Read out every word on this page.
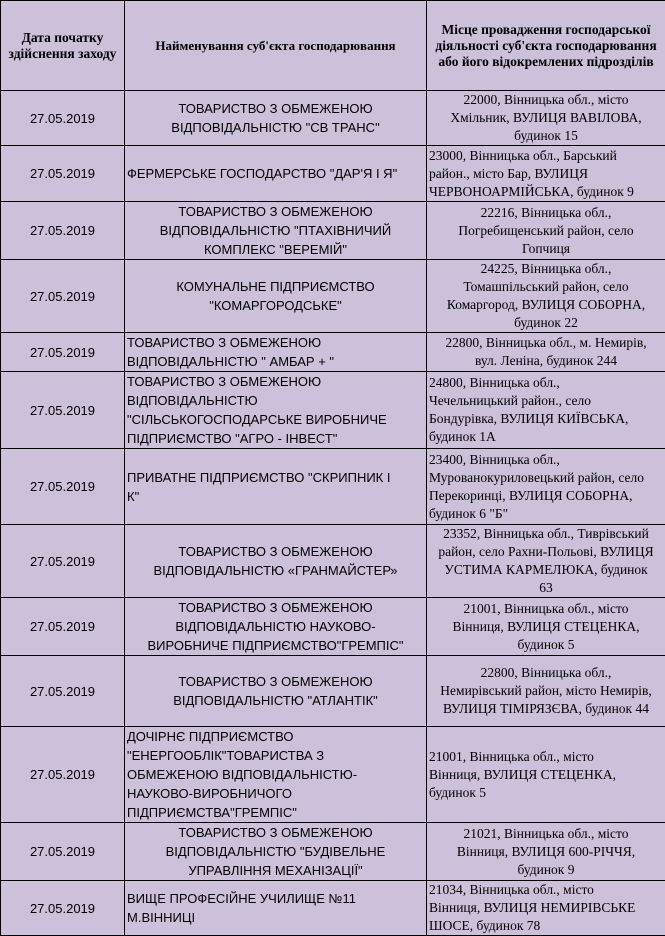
Дата початку здійснення заходу	Найменування суб'єкта господарювання	Місце провадження господарської діяльності суб'єкта господарювання або його відокремлених підрозділів
27.05.2019	ТОВАРИСТВО З ОБМЕЖЕНОЮ
ВІДПОВІДАЛЬНІСТЮ "СВ ТРАНС"	22000, Вінницька обл., місто
Хмільник, ВУЛИЦЯ ВАВІЛОВА,
будинок 15
27.05.2019	ФЕРМЕРСЬКЕ ГОСПОДАРСТВО "ДАР'Я І Я"	23000, Вінницька обл., Барський
район., місто Бар, ВУЛИЦЯ
ЧЕРВОНОАРМІЙСЬКА, будинок 9
27.05.2019	ТОВАРИСТВО З ОБМЕЖЕНОЮ
ВІДПОВІДАЛЬНІСТЮ "ПТАХІВНИЧИЙ
КОМПЛЕКС "ВЕРЕМІЙ"	22216, Вінницька обл.,
Погребищенський район, село
Гопчиця
27.05.2019	КОМУНАЛЬНЕ ПІДПРИЄМСТВО
"КОМАРГОРОДСЬКЕ"	24225, Вінницька обл.,
Томашпільський район, село
Комаргород, ВУЛИЦЯ СОБОРНА,
будинок 22
27.05.2019	ТОВАРИСТВО З ОБМЕЖЕНОЮ
ВІДПОВІДАЛЬНІСТЮ " АМБАР + "	22800, Вінницька обл., м. Немирів,
вул. Леніна, будинок 244
27.05.2019	ТОВАРИСТВО З ОБМЕЖЕНОЮ
ВІДПОВІДАЛЬНІСТЮ
"СІЛЬСЬКОГОСПОДАРСЬКЕ ВИРОБНИЧЕ
ПІДПРИЄМСТВО "АГРО - ІНВЕСТ"	24800, Вінницька обл.,
Чечельницький район., село
Бондурівка, ВУЛИЦЯ КИЇВСЬКА,
будинок 1А
27.05.2019	ПРИВАТНЕ ПІДПРИЄМСТВО "СКРИПНИК І
К"	23400, Вінницька обл.,
Мурованокуриловецький район, село
Перекоринці, ВУЛИЦЯ СОБОРНА,
будинок 6 "Б"
27.05.2019	ТОВАРИСТВО З ОБМЕЖЕНОЮ
ВІДПОВІДАЛЬНІСТЮ «ГРАНМАЙСТЕР»	23352, Вінницька обл., Тиврівський
район, село Рахни-Польові, ВУЛИЦЯ
УСТИМА КАРМЕЛЮКА, будинок
63
27.05.2019	ТОВАРИСТВО З ОБМЕЖЕНОЮ
ВІДПОВІДАЛЬНІСТЮ НАУКОВО-
ВИРОБНИЧЕ ПІДПРИЄМСТВО"ГРЕМПІС"	21001, Вінницька обл., місто
Вінниця, ВУЛИЦЯ СТЕЦЕНКА,
будинок 5
27.05.2019	ТОВАРИСТВО З ОБМЕЖЕНОЮ
ВІДПОВІДАЛЬНІСТЮ "АТЛАНТІК"	22800, Вінницька обл.,
Немирівський район, місто Немирів,
ВУЛИЦЯ ТІМІРЯЗЄВА, будинок 44
27.05.2019	ДОЧІРНЄ ПІДПРИЄМСТВО
"ЕНЕРГООБЛІК"ТОВАРИСТВА З
ОБМЕЖЕНОЮ ВІДПОВІДАЛЬНІСТЮ-
НАУКОВО-ВИРОБНИЧОГО
ПІДПРИЄМСТВА"ГРЕМПІС"	21001, Вінницька обл., місто
Вінниця, ВУЛИЦЯ СТЕЦЕНКА,
будинок 5
27.05.2019	ТОВАРИСТВО З ОБМЕЖЕНОЮ
ВІДПОВІДАЛЬНІСТЮ "БУДІВЕЛЬНЕ
УПРАВЛІННЯ МЕХАНІЗАЦІЇ"	21021, Вінницька обл., місто
Вінниця, ВУЛИЦЯ 600-РІЧЧЯ,
будинок 9
27.05.2019	ВИЩЕ ПРОФЕСІЙНЕ УЧИЛИЩЕ №11
М.ВІННИЦІ	21034, Вінницька обл., місто
Вінниця, ВУЛИЦЯ НЕМИРІВСЬКЕ
ШОСЕ, будинок 78
